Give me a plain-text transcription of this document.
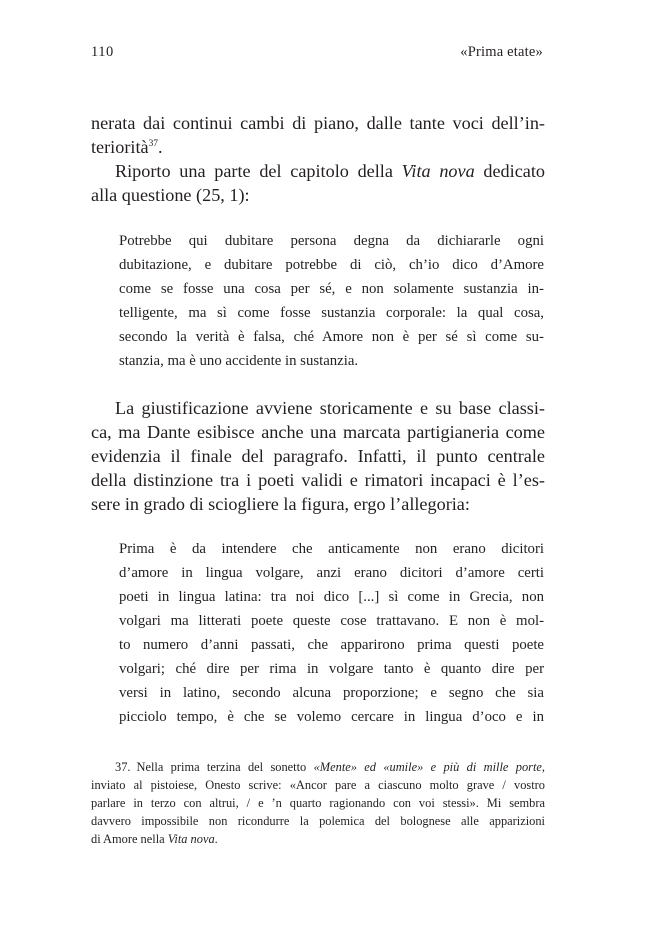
110	«Prima etate»
nerata dai continui cambi di piano, dalle tante voci dell’in-
teriorità$^{37}$.
Riporto una parte del capitolo della Vita nova dedicato
alla questione (25, 1):
Potrebbe qui dubitare persona degna da dichiararle ogni
dubitazione, e dubitare potrebbe di ciò, ch’io dico d’Amore
come se fosse una cosa per sé, e non solamente sustanzia in-
telligente, ma sì come fosse sustanzia corporale: la qual cosa,
secondo la verità è falsa, ché Amore non è per sé sì come su-
stanzia, ma è uno accidente in sustanzia.
La giustificazione avviene storicamente e su base classi-
ca, ma Dante esibisce anche una marcata partigianeria come
evidenzia il finale del paragrafo. Infatti, il punto centrale
della distinzione tra i poeti validi e rimatori incapaci è l’es-
sere in grado di sciogliere la figura, ergo l’allegoria:
Prima è da intendere che anticamente non erano dicitori
d’amore in lingua volgare, anzi erano dicitori d’amore certi
poeti in lingua latina: tra noi dico [...] sì come in Grecia, non
volgari ma litterati poete queste cose trattavano. E non è mol-
to numero d’anni passati, che apparirono prima questi poete
volgari; ché dire per rima in volgare tanto è quanto dire per
versi in latino, secondo alcuna proporzione; e segno che sia
picciolo tempo, è che se volemo cercare in lingua d’oco e in
37. Nella prima terzina del sonetto «Mente» ed «umile» e più di mille porte,
inviato al pistoiese, Onesto scrive: «Ancor pare a ciascuno molto grave / vostro
parlare in terzo con altrui, / e ’n quarto ragionando con voi stessi». Mi sembra
davvero impossibile non ricondurre la polemica del bolognese alle apparizioni
di Amore nella Vita nova.
